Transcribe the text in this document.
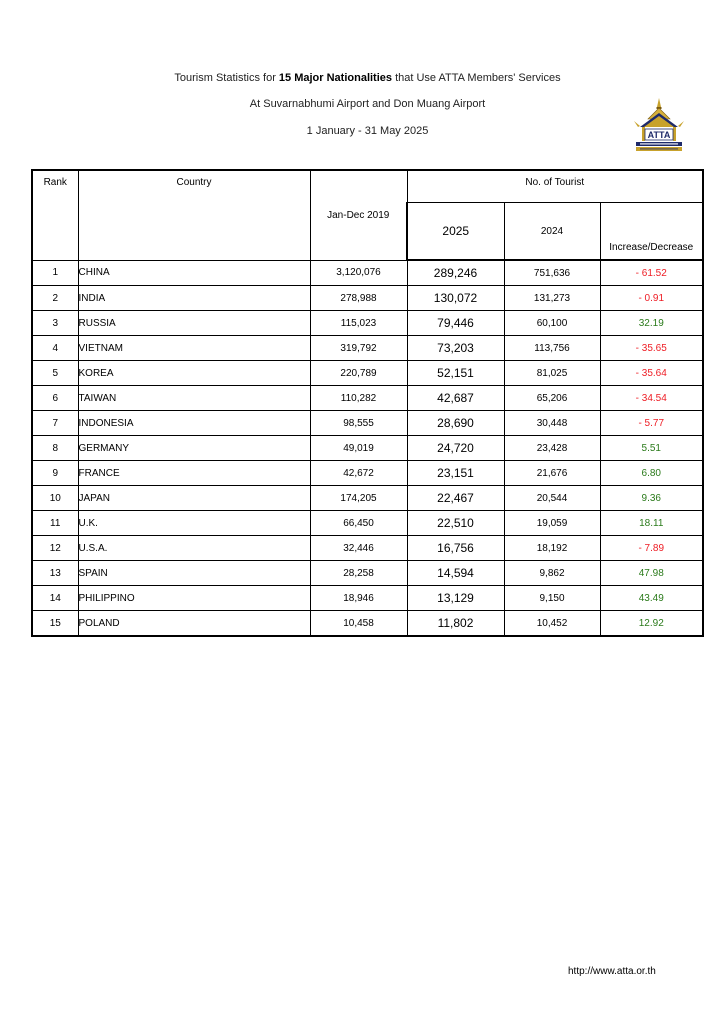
Tourism Statistics for 15 Major Nationalities that Use ATTA Members' Services
At Suvarnabhumi Airport and Don Muang Airport
1 January - 31 May 2025	ATTA
Rank	Country	Jan-Dec 2019	No. of Tourist		
			2025	2024	Increase/Decrease
1	CHINA	3,120,076	289,246	751,636	- 61.52
2	INDIA	278,988	130,072	131,273	- 0.91
3	RUSSIA	115,023	79,446	60,100	32.19
4	VIETNAM	319,792	73,203	113,756	- 35.65
5	KOREA	220,789	52,151	81,025	- 35.64
6	TAIWAN	110,282	42,687	65,206	- 34.54
7	INDONESIA	98,555	28,690	30,448	- 5.77
8	GERMANY	49,019	24,720	23,428	5.51
9	FRANCE	42,672	23,151	21,676	6.80
10	JAPAN	174,205	22,467	20,544	9.36
11	U.K.	66,450	22,510	19,059	18.11
12	U.S.A.	32,446	16,756	18,192	- 7.89
13	SPAIN	28,258	14,594	9,862	47.98
14	PHILIPPINO	18,946	13,129	9,150	43.49
15	POLAND	10,458	11,802	10,452	12.92
http://www.atta.or.th
